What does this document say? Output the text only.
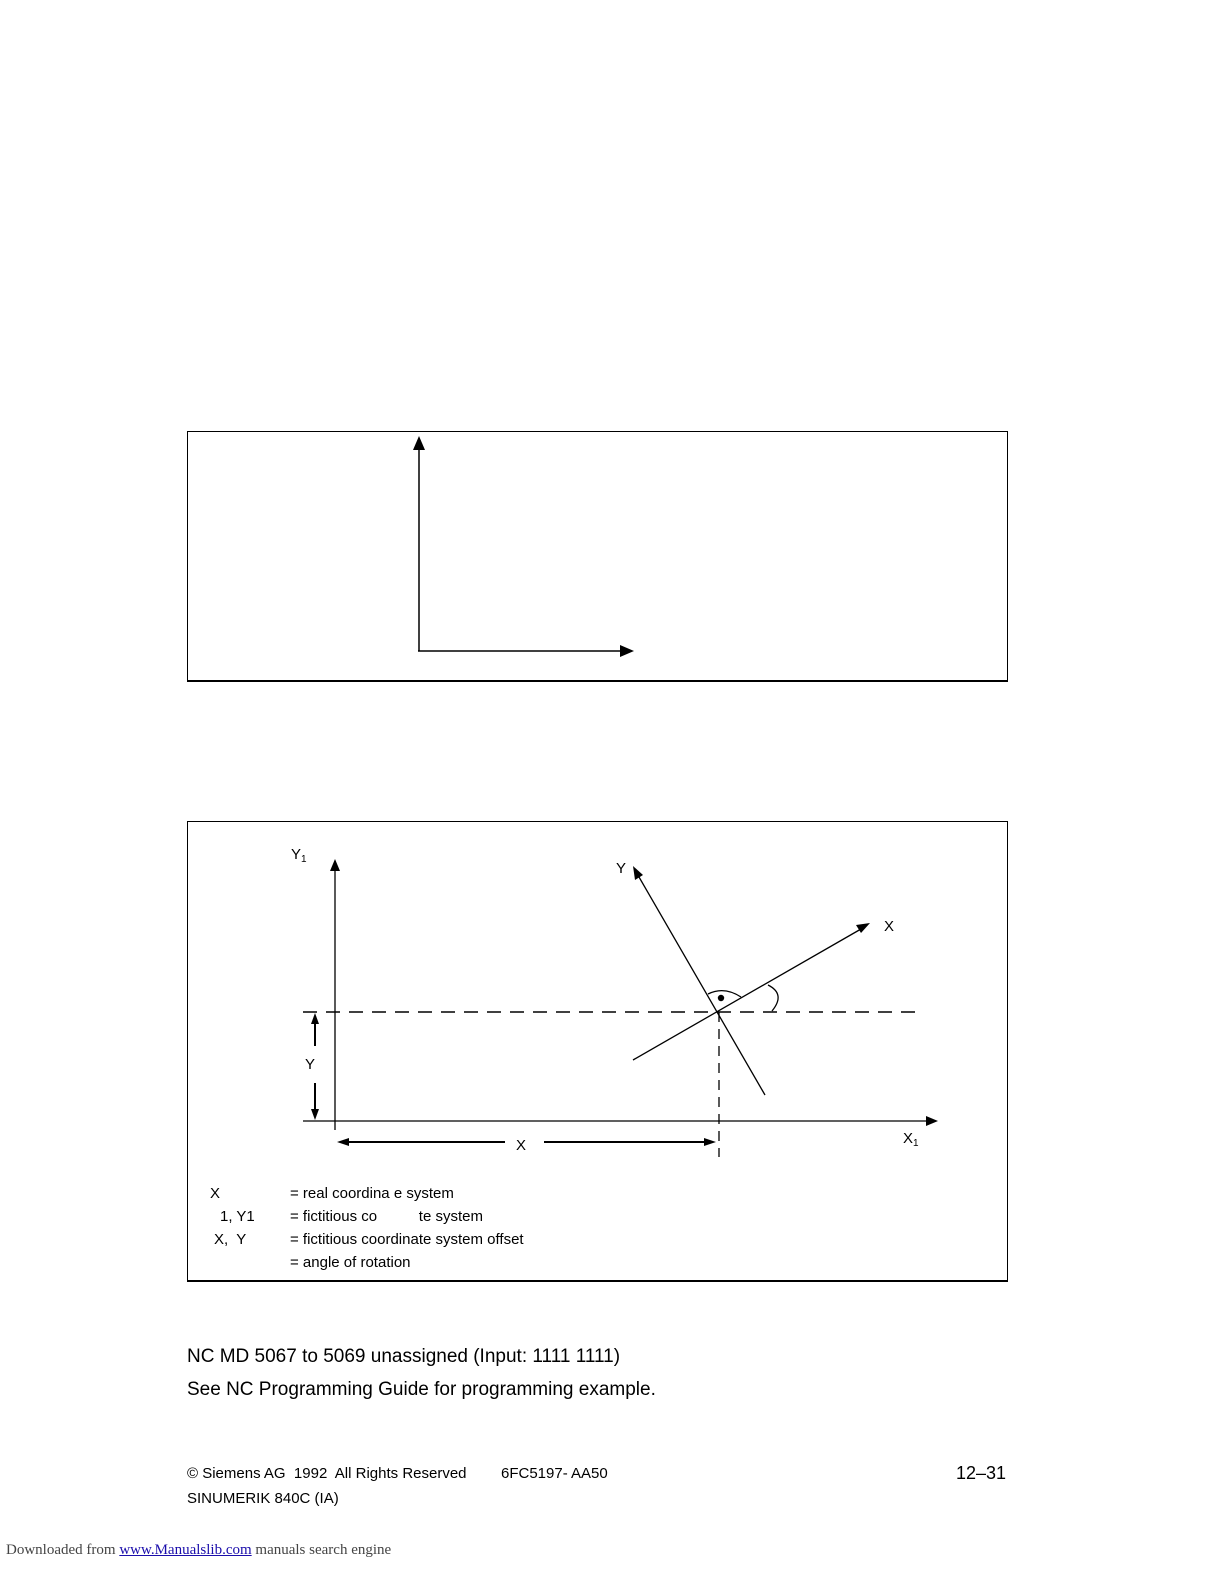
$Y_1$
$X_1$
Y
X
Y
X
X	= real coordina e system
1, Y1 = fictitious co          te system
X,  Y	= fictitious coordinate system offset
= angle of rotation
NC MD 5067 to 5069 unassigned (Input: 1111 1111)
See NC Programming Guide for programming example.
© Siemens AG  1992  All Rights Reserved 6FC5197- AA50
SINUMERIK 840C (IA)
12–31
Downloaded from www.Manualslib.com manuals search engine
